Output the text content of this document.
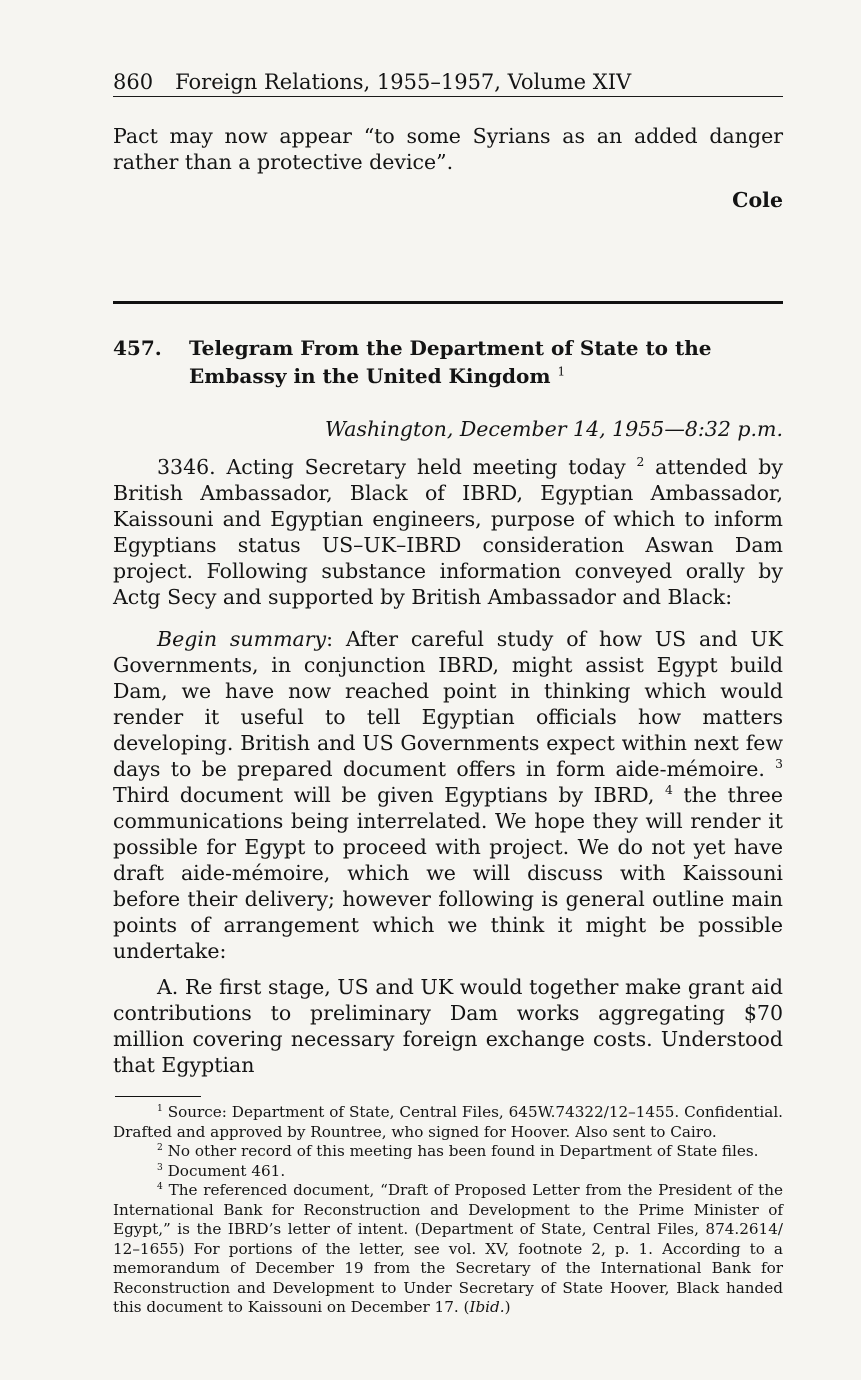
860 Foreign Relations, 1955–1957, Volume XIV

Pact may now appear “to some Syrians as an added danger rather than a protective device”.

Cole
457.	Telegram From the Department of State to the Embassy in the United Kingdom $^1$
Washington, December 14, 1955—8:32 p.m.

3346. Acting Secretary held meeting today $^2$ attended by British Ambassador, Black of IBRD, Egyptian Ambassador, Kaissouni and Egyptian engineers, purpose of which to inform Egyptians status US–UK–IBRD consideration Aswan Dam project. Following substance information conveyed orally by Actg Secy and supported by British Ambassador and Black:

Begin summary: After careful study of how US and UK Governments, in conjunction IBRD, might assist Egypt build Dam, we have now reached point in thinking which would render it useful to tell Egyptian officials how matters developing. British and US Governments expect within next few days to be prepared document offers in form aide-mémoire. $^3$ Third document will be given Egyptians by IBRD, $^4$ the three communications being interrelated. We hope they will render it possible for Egypt to proceed with project. We do not yet have draft aide-mémoire, which we will discuss with Kaissouni before their delivery; however following is general outline main points of arrangement which we think it might be possible undertake:

A. Re first stage, US and UK would together make grant aid contributions to preliminary Dam works aggregating $70 million covering necessary foreign exchange costs. Understood that Egyptian

$^1$ Source: Department of State, Central Files, 645W.74322/12–1455. Confidential. Drafted and approved by Rountree, who signed for Hoover. Also sent to Cairo.

$^2$ No other record of this meeting has been found in Department of State files.

$^3$ Document 461.

$^4$ The referenced document, “Draft of Proposed Letter from the President of the International Bank for Reconstruction and Development to the Prime Minister of Egypt,” is the IBRD’s letter of intent. (Department of State, Central Files, 874.2614/ 12–1655) For portions of the letter, see vol. XV, footnote 2, p. 1. According to a memorandum of December 19 from the Secretary of the International Bank for Reconstruction and Development to Under Secretary of State Hoover, Black handed this document to Kaissouni on December 17. (Ibid.)
